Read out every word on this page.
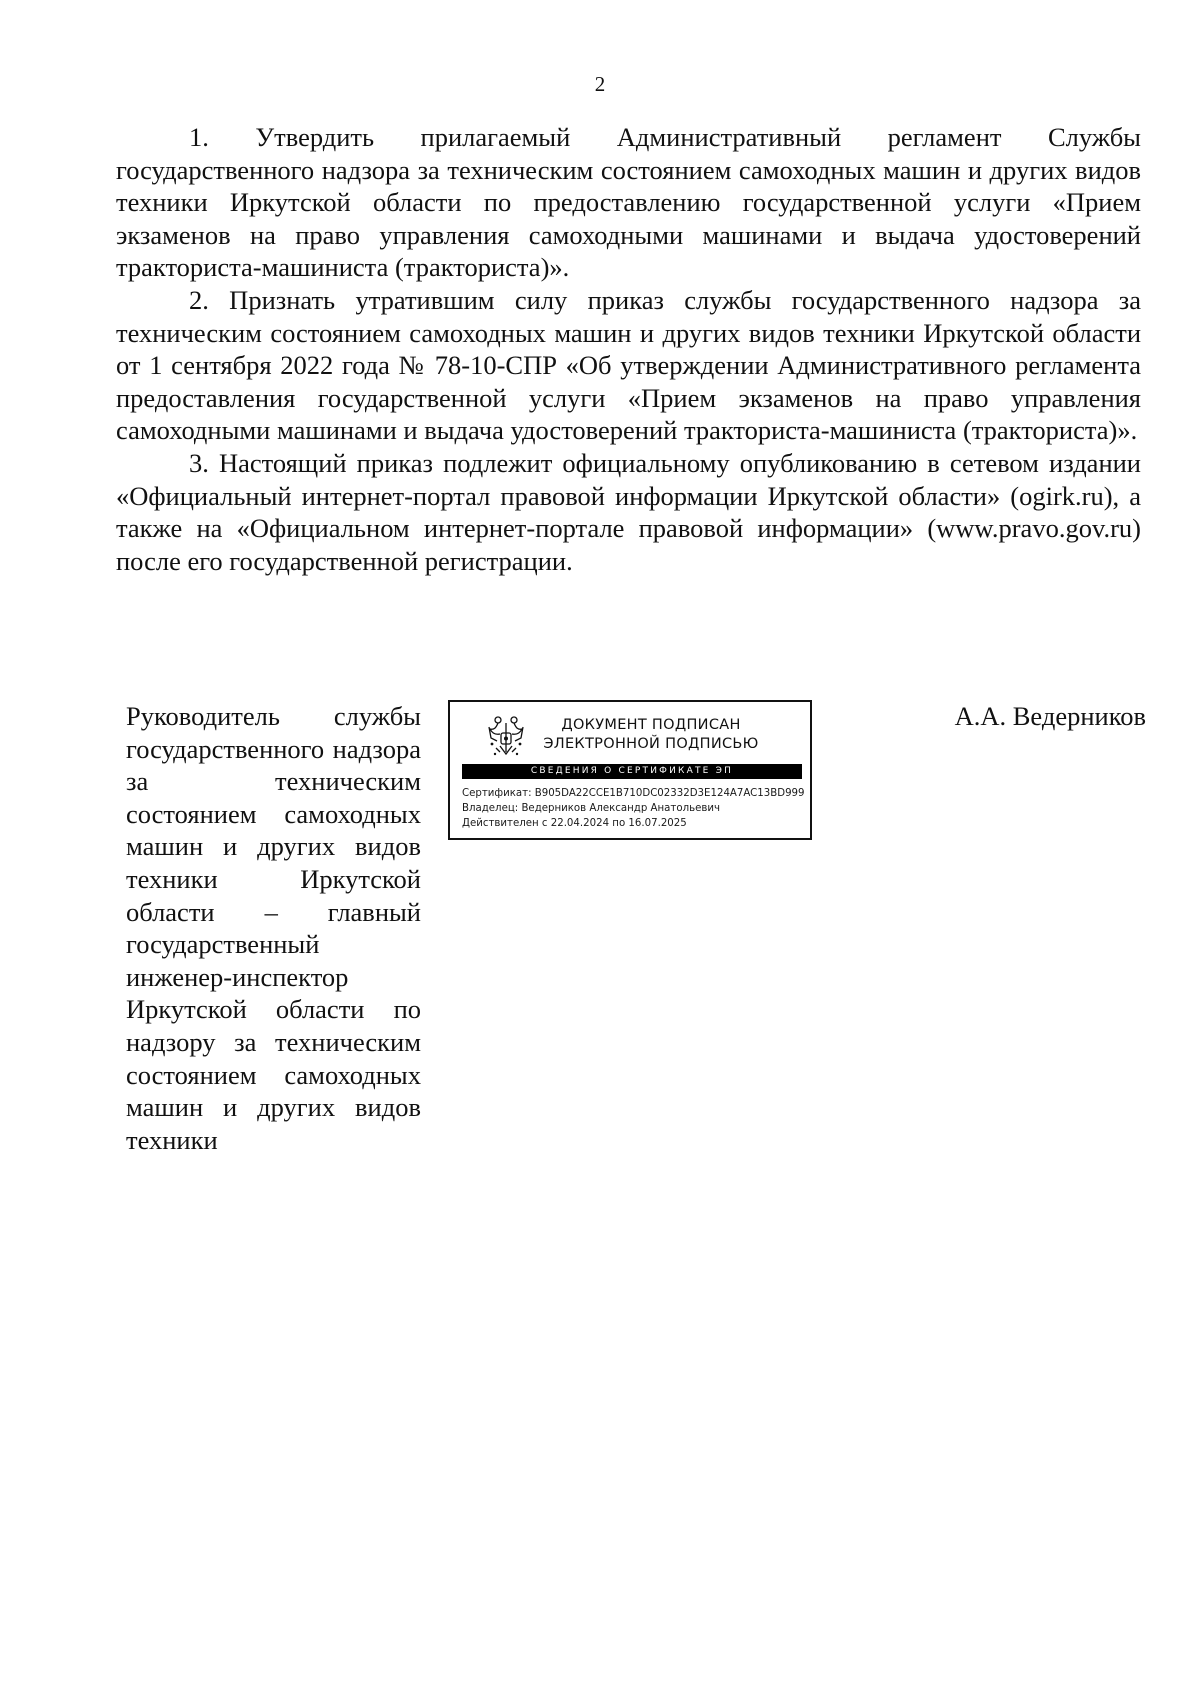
2

1. Утвердить прилагаемый Административный регламент Службы государственного надзора за техническим состоянием самоходных машин и других видов техники Иркутской области по предоставлению государственной услуги «Прием экзаменов на право управления самоходными машинами и выдача удостоверений тракториста-машиниста (тракториста)».

2. Признать утратившим силу приказ службы государственного надзора за техническим состоянием самоходных машин и других видов техники Иркутской области от 1 сентября 2022 года № 78-10-СПР «Об утверждении Административного регламента предоставления государственной услуги «Прием экзаменов на право управления самоходными машинами и выдача удостоверений тракториста-машиниста (тракториста)».

3. Настоящий приказ подлежит официальному опубликованию в сетевом издании «Официальный интернет-портал правовой информации Иркутской области» (ogirk.ru), а также на «Официальном интернет-портале правовой информации» (www.pravo.gov.ru) после его государственной регистрации.

Руководитель службы государственного надзора за техническим состоянием самоходных машин и других видов техники Иркутской области – главный государственный инженер-инспектор Иркутской области по надзору за техническим состоянием самоходных машин и других видов техники
ДОКУМЕНТ ПОДПИСАН
ЭЛЕКТРОННОЙ ПОДПИСЬЮ
СВЕДЕНИЯ О СЕРТИФИКАТЕ ЭП
Сертификат: B905DA22CCE1B710DC02332D3E124A7AC13BD999
Владелец: Ведерников Александр Анатольевич
Действителен с 22.04.2024 по 16.07.2025
А.А. Ведерников
